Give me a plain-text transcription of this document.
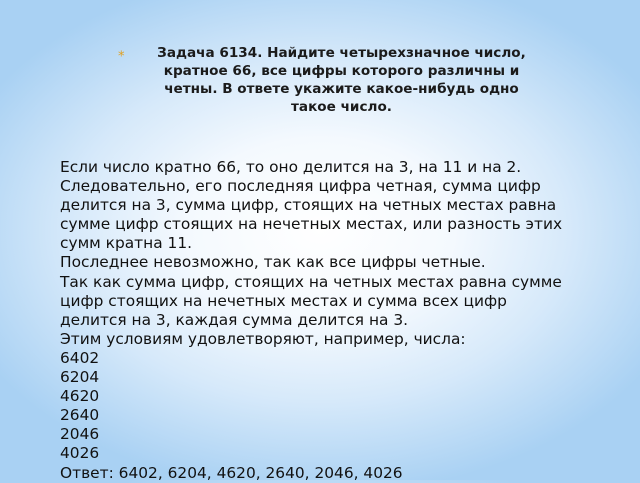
⁎	Задача 6134. Найдите четырехзначное число, кратное 66, все цифры которого различны и четны. В ответе укажите какое-нибудь одно такое число.
Если число кратно 66, то оно делится на 3, на 11 и на 2.
Следовательно, его последняя цифра четная, сумма цифр
делится на 3, сумма цифр, стоящих на четных местах равна
сумме цифр стоящих на нечетных местах, или разность этих
сумм кратна 11.
Последнее невозможно, так как все цифры четные.
Так как сумма цифр, стоящих на четных местах равна сумме
цифр стоящих на нечетных местах и сумма всех цифр
делится на 3, каждая сумма делится на 3.
Этим условиям удовлетворяют, например, числа:
6402
6204
4620
2640
2046
4026
Ответ: 6402, 6204, 4620, 2640, 2046, 4026
